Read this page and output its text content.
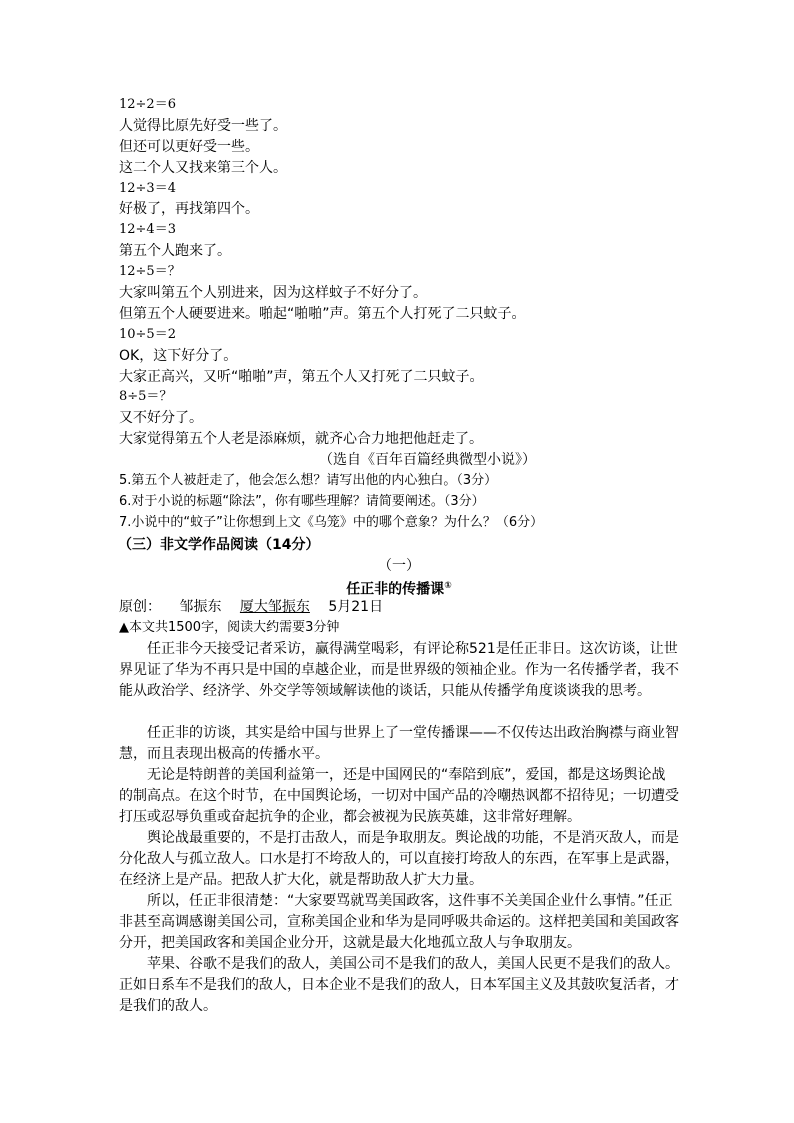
12÷2＝6
人觉得比原先好受一些了。
但还可以更好受一些。
这二个人又找来第三个人。
12÷3＝4
好极了，再找第四个。
12÷4＝3
第五个人跑来了。
12÷5＝？
大家叫第五个人别进来，因为这样蚊子不好分了。
但第五个人硬要进来。啪起“啪啪”声。第五个人打死了二只蚊子。
10÷5＝2
OK，这下好分了。
大家正高兴，又听“啪啪”声，第五个人又打死了二只蚊子。
8÷5＝？
又不好分了。
大家觉得第五个人老是添麻烦，就齐心合力地把他赶走了。
（选自《百年百篇经典微型小说》）
5.第五个人被赶走了，他会怎么想？请写出他的内心独白。（3分）
6.对于小说的标题“除法”，你有哪些理解？请简要阐述。（3分）
7.小说中的“蚊子”让你想到上文《乌笼》中的哪个意象？为什么？（6分）
（三）非文学作品阅读（14分）
（一）
任正非的传播课①
原创： 邹振东 厦大邹振东 5月21日
▲本文共1500字，阅读大约需要3分钟

任正非今天接受记者采访，赢得满堂喝彩，有评论称521是任正非日。这次访谈，让世界见证了华为不再只是中国的卓越企业，而是世界级的领袖企业。作为一名传播学者，我不能从政治学、经济学、外交学等领域解读他的谈话，只能从传播学角度谈谈我的思考。

任正非的访谈，其实是给中国与世界上了一堂传播课——不仅传达出政治胸襟与商业智慧，而且表现出极高的传播水平。

无论是特朗普的美国利益第一，还是中国网民的“奉陪到底”，爱国，都是这场舆论战的制高点。在这个时节，在中国舆论场，一切对中国产品的冷嘲热讽都不招待见；一切遭受打压或忍辱负重或奋起抗争的企业，都会被视为民族英雄，这非常好理解。

舆论战最重要的，不是打击敌人，而是争取朋友。舆论战的功能，不是消灭敌人，而是分化敌人与孤立敌人。口水是打不垮敌人的，可以直接打垮敌人的东西，在军事上是武器，在经济上是产品。把敌人扩大化，就是帮助敌人扩大力量。

所以，任正非很清楚：“大家要骂就骂美国政客，这件事不关美国企业什么事情。”任正非甚至高调感谢美国公司，宣称美国企业和华为是同呼吸共命运的。这样把美国和美国政客分开，把美国政客和美国企业分开，这就是最大化地孤立敌人与争取朋友。

苹果、谷歌不是我们的敌人，美国公司不是我们的敌人，美国人民更不是我们的敌人。正如日系车不是我们的敌人，日本企业不是我们的敌人，日本军国主义及其鼓吹复活者，才是我们的敌人。
